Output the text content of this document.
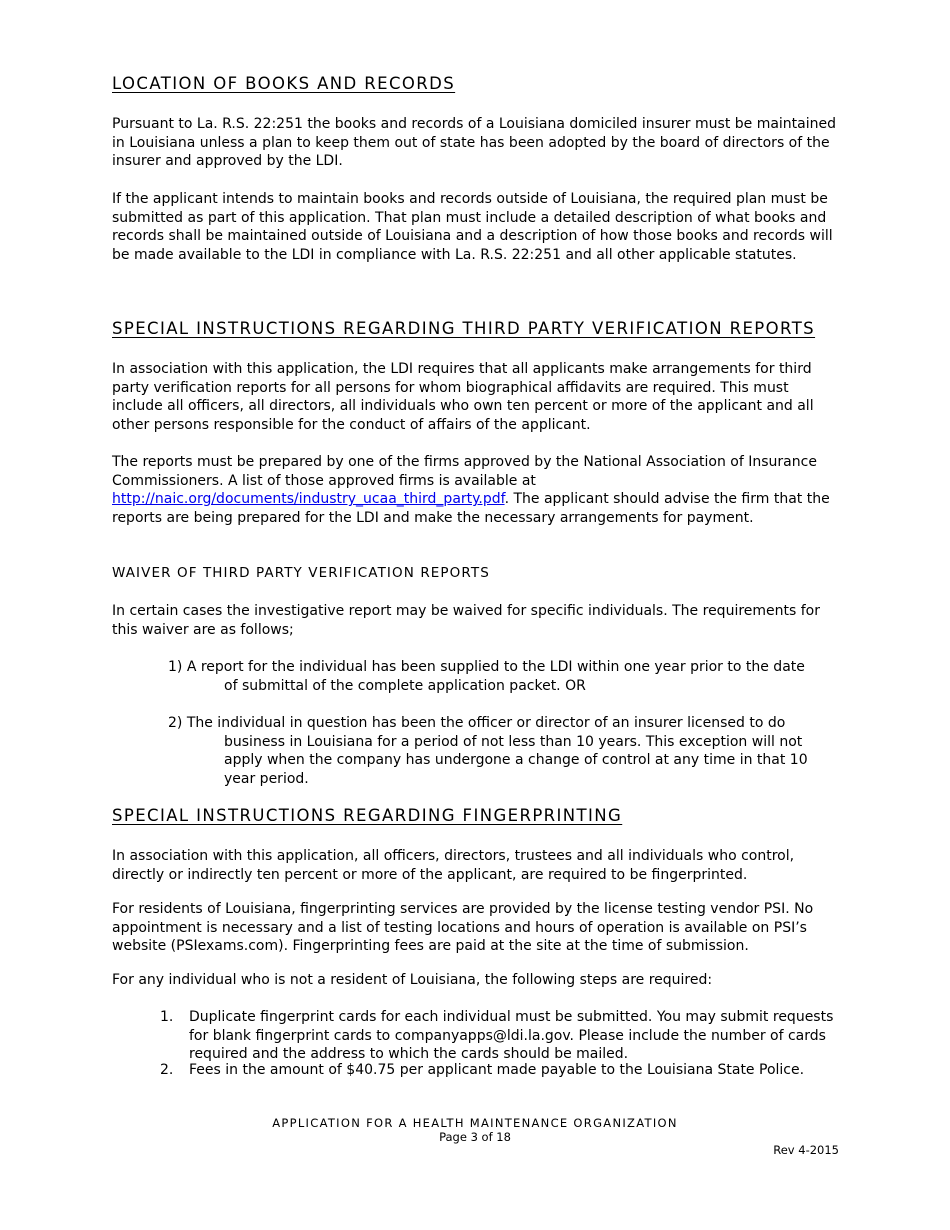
LOCATION OF BOOKS AND RECORDS
Pursuant to La. R.S. 22:251 the books and records of a Louisiana domiciled insurer must be maintained in Louisiana unless a plan to keep them out of state has been adopted by the board of directors of the insurer and approved by the LDI.
If the applicant intends to maintain books and records outside of Louisiana, the required plan must be submitted as part of this application. That plan must include a detailed description of what books and records shall be maintained outside of Louisiana and a description of how those books and records will be made available to the LDI in compliance with La. R.S. 22:251 and all other applicable statutes.
SPECIAL INSTRUCTIONS REGARDING THIRD PARTY VERIFICATION REPORTS
In association with this application, the LDI requires that all applicants make arrangements for third party verification reports for all persons for whom biographical affidavits are required. This must include all officers, all directors, all individuals who own ten percent or more of the applicant and all other persons responsible for the conduct of affairs of the applicant.
The reports must be prepared by one of the firms approved by the National Association of Insurance Commissioners. A list of those approved firms is available at
http://naic.org/documents/industry_ucaa_third_party.pdf. The applicant should advise the firm that the reports are being prepared for the LDI and make the necessary arrangements for payment.
WAIVER OF THIRD PARTY VERIFICATION REPORTS
In certain cases the investigative report may be waived for specific individuals. The requirements for this waiver are as follows;
1) A report for the individual has been supplied to the LDI within one year prior to the date of submittal of the complete application packet. OR
2) The individual in question has been the officer or director of an insurer licensed to do business in Louisiana for a period of not less than 10 years. This exception will not apply when the company has undergone a change of control at any time in that 10 year period.
SPECIAL INSTRUCTIONS REGARDING FINGERPRINTING
In association with this application, all officers, directors, trustees and all individuals who control, directly or indirectly ten percent or more of the applicant, are required to be fingerprinted.
For residents of Louisiana, fingerprinting services are provided by the license testing vendor PSI. No appointment is necessary and a list of testing locations and hours of operation is available on PSI’s website (PSIexams.com). Fingerprinting fees are paid at the site at the time of submission.
For any individual who is not a resident of Louisiana, the following steps are required:
1. Duplicate fingerprint cards for each individual must be submitted. You may submit requests for blank fingerprint cards to companyapps@ldi.la.gov. Please include the number of cards required and the address to which the cards should be mailed.
2. Fees in the amount of $40.75 per applicant made payable to the Louisiana State Police.
APPLICATION FOR A HEALTH MAINTENANCE ORGANIZATION
Page 3 of 18
Rev 4-2015
